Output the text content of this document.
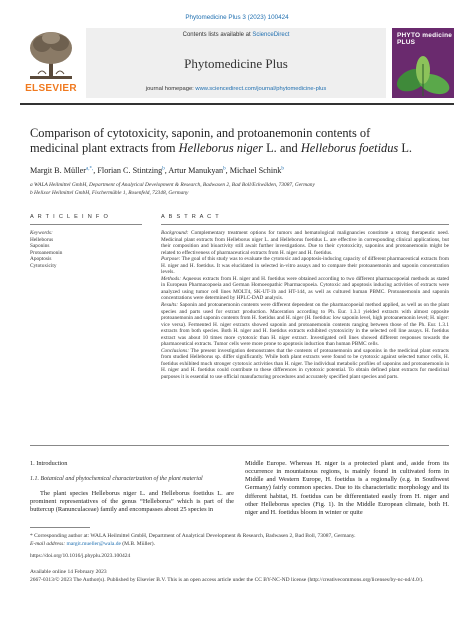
Phytomedicine Plus 3 (2023) 100424
ELSEVIER
Contents lists available at ScienceDirect
Phytomedicine Plus
journal homepage: www.sciencedirect.com/journal/phytomedicine-plus
PHYTO medicine PLUS
Comparison of cytotoxicity, saponin, and protoanemonin contents of
medicinal plant extracts from Helleborus niger L. and Helleborus foetidus L.
Margit B. Müller$^{a,*,}$, Florian C. Stintzing$^b$, Artur Manukyan$^b$, Michael Schink$^b$
a WALA Heilmittel GmbH, Department of Analytical Development & Research, Badwasen 2, Bad Boll/Eckwälden, 73087, Germany
b Helixor Heilmittel GmbH, Fischermühle 1, Rosenfeld, 72348, Germany
A R T I C L E I N F O	A B S T R A C T
Keywords:
Helleborus
Saponins
Protoanemonin
Apoptosis
Cytotoxicity

Background: Complementary treatment options for tumors and hematological malignancies constitute a strong therapeutic need. Medicinal plant extracts from Helleborus niger L. and Helleborus foetidus L. are effective in corresponding clinical applications, but their composition and bioactivity still await further investigations. Due to their cytotoxicity, saponins and protoanemonin might be related to effectiveness of pharmaceutical extracts from H. niger and H. foetidus.

Purpose: The goal of this study was to evaluate the cytotoxic and apoptosis-inducing capacity of different pharmaceutical extracts from H. niger and H. foetidus. It was elucidated in selected in-vitro assays and to compare their protoanemonin and saponin concentration levels.

Methods: Aqueous extracts from H. niger and H. foetidus were obtained according to two different pharmacopoeial methods as stated in European Pharmacopoeia and German Homoeopathic Pharmacopoeia. Cytotoxic and apoptosis inducing activities of extracts were analyzed using tumor cell lines MOLT4, SK-UT-1b and HT-144, as well as cultured human PBMC. Protoanemonin and saponin concentrations were determined by HPLC-DAD analysis.

Results: Saponin and protoanemonin contents were different dependent on the pharmacopoeial method applied, as well as on the plant species and parts used for extract production. Maceration according to Ph. Eur. 1.3.1 yielded extracts with almost opposite protoanemonin and saponin contents from H. foetidus and H. niger (H. foetidus: low saponin level, high protoanemonin level; H. niger: vice versa). Fermented H. niger extracts showed saponin and protoanemonin contents ranging between those of the Ph. Eur. 1.3.1 extracts from both species. Both H. niger and H. foetidus extracts exhibited cytotoxicity in the selected cell line assays. H. foetidus extract was about 10 times more cytotoxic than H. niger extract. Investigated cell lines showed different responses towards the pharmaceutical extracts. Tumor cells were more prone to apoptosis induction than human PBMC cells.

Conclusions: The present investigation demonstrates that the contents of protoanemonin and saponins in the medicinal plant extracts from studied Helleborus sp. differ significantly. While both plant extracts were found to be cytotoxic against selected tumor cells, H. foetidus exhibited much stronger cytotoxic activities than H. niger. The individual metabolic profiles of saponins and protoanemonin in H. niger and H. foetidus could contribute to these differences in cytotoxic potential. To obtain defined plant extracts for medicinal purposes it is essential to use official manufacturing procedures and accurately specified plant species and parts.

1. Introduction
1.1. Botanical and phytochemical characterization of the plant material
The plant species Helleborus niger L. and Helleborus foetidus L. are prominent representatives of the genus “Helleborus” which is part of the buttercup (Ranunculaceae) family and encompasses about 25 species in
Middle Europe. Whereas H. niger is a protected plant and, aside from its occurrence in mountainous regions, is mainly found in cultivated form in Middle and Western Europe, H. foetidus is a regionally (e.g. in Southwest Germany) fairly common species. Due to its characteristic morphology and its different habitat, H. foetidus can be differentiated easily from H. niger and other Helleborus species (Fig. 1). In the Middle European climate, both H. niger and H. foetidus bloom in winter or quite
* Corresponding author at: WALA Heilmittel GmbH, Department of Analytical Development & Research, Badwasen 2, Bad Boll, 73087, Germany.
E-mail address: margit.mueller@wala.de (M.B. Müller).
https://doi.org/10.1016/j.phyplu.2023.100424
Available online 14 February 2023
2667-0313/© 2023 The Author(s). Published by Elsevier B.V. This is an open access article under the CC BY-NC-ND license (http://creativecommons.org/licenses/by-nc-nd/4.0/).
